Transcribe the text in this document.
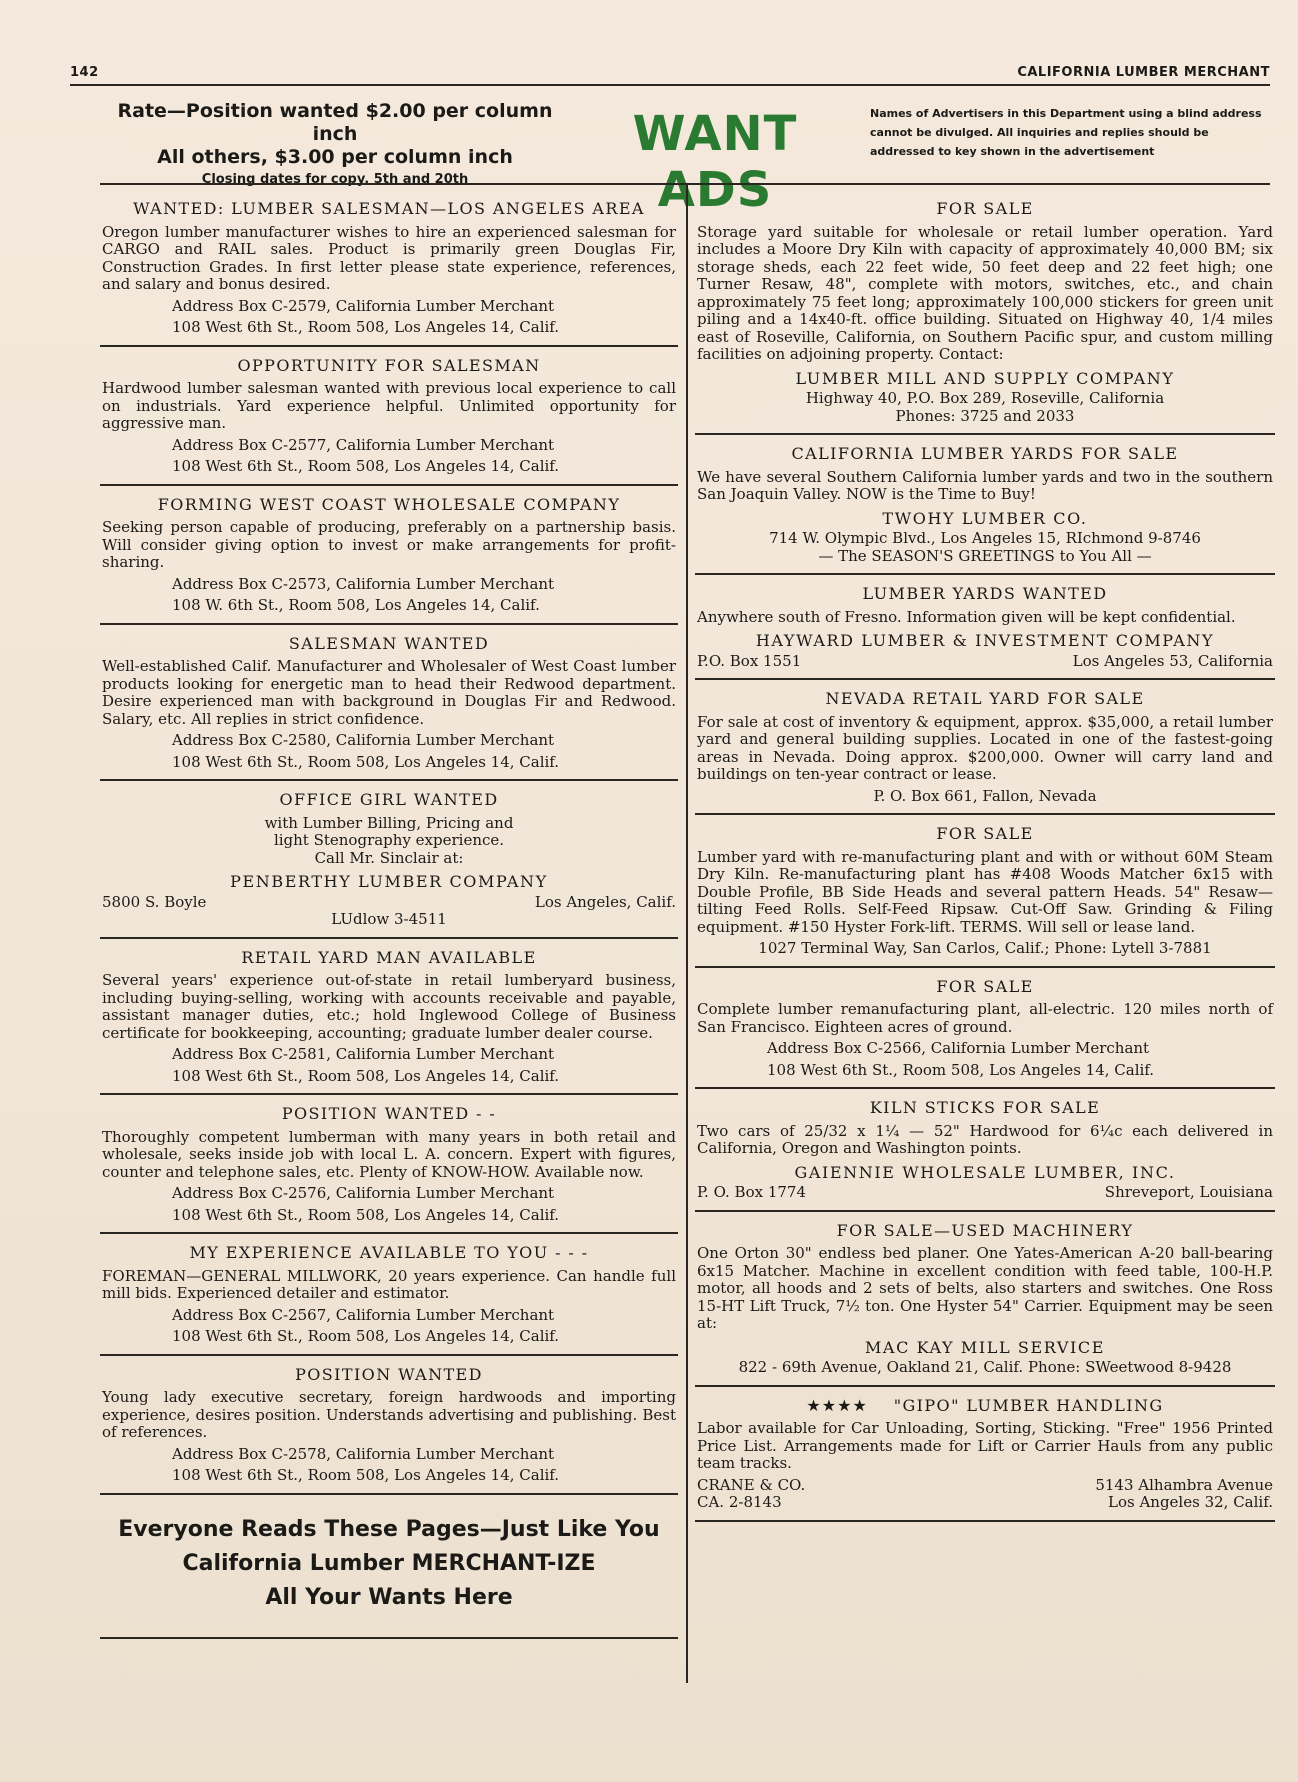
142	CALIFORNIA LUMBER MERCHANT
Rate—Position wanted $2.00 per column inch
All others, $3.00 per column inch
Closing dates for copy, 5th and 20th
WANT ADS
Names of Advertisers in this Department using a blind address cannot be divulged. All inquiries and replies should be addressed to key shown in the advertisement
WANTED: LUMBER SALESMAN—LOS ANGELES AREA

Oregon lumber manufacturer wishes to hire an experienced salesman for CARGO and RAIL sales. Product is primarily green Douglas Fir, Construction Grades. In first letter please state experience, references, and salary and bonus desired.

Address Box C-2579, California Lumber Merchant
108 West 6th St., Room 508, Los Angeles 14, Calif.
OPPORTUNITY FOR SALESMAN

Hardwood lumber salesman wanted with previous local experience to call on industrials. Yard experience helpful. Unlimited opportunity for aggressive man.

Address Box C-2577, California Lumber Merchant
108 West 6th St., Room 508, Los Angeles 14, Calif.
FORMING WEST COAST WHOLESALE COMPANY

Seeking person capable of producing, preferably on a partnership basis. Will consider giving option to invest or make arrangements for profit-sharing.

Address Box C-2573, California Lumber Merchant
108 W. 6th St., Room 508, Los Angeles 14, Calif.
SALESMAN WANTED

Well-established Calif. Manufacturer and Wholesaler of West Coast lumber products looking for energetic man to head their Redwood department. Desire experienced man with background in Douglas Fir and Redwood. Salary, etc. All replies in strict confidence.

Address Box C-2580, California Lumber Merchant
108 West 6th St., Room 508, Los Angeles 14, Calif.
OFFICE GIRL WANTED
with Lumber Billing, Pricing and
light Stenography experience.
Call Mr. Sinclair at:
PENBERTHY LUMBER COMPANY
5800 S. Boyle	Los Angeles, Calif.
LUdlow 3-4511
RETAIL YARD MAN AVAILABLE

Several years' experience out-of-state in retail lumberyard business, including buying-selling, working with accounts receivable and payable, assistant manager duties, etc.; hold Inglewood College of Business certificate for bookkeeping, accounting; graduate lumber dealer course.

Address Box C-2581, California Lumber Merchant
108 West 6th St., Room 508, Los Angeles 14, Calif.
POSITION WANTED - -

Thoroughly competent lumberman with many years in both retail and wholesale, seeks inside job with local L. A. concern. Expert with figures, counter and telephone sales, etc. Plenty of KNOW-HOW. Available now.

Address Box C-2576, California Lumber Merchant
108 West 6th St., Room 508, Los Angeles 14, Calif.
MY EXPERIENCE AVAILABLE TO YOU - - -

FOREMAN—GENERAL MILLWORK, 20 years experience. Can handle full mill bids. Experienced detailer and estimator.

Address Box C-2567, California Lumber Merchant
108 West 6th St., Room 508, Los Angeles 14, Calif.
POSITION WANTED

Young lady executive secretary, foreign hardwoods and importing experience, desires position. Understands advertising and publishing. Best of references.

Address Box C-2578, California Lumber Merchant
108 West 6th St., Room 508, Los Angeles 14, Calif.
Everyone Reads These Pages—Just Like You
California Lumber MERCHANT-IZE
All Your Wants Here
FOR SALE

Storage yard suitable for wholesale or retail lumber operation. Yard includes a Moore Dry Kiln with capacity of approximately 40,000 BM; six storage sheds, each 22 feet wide, 50 feet deep and 22 feet high; one Turner Resaw, 48", complete with motors, switches, etc., and chain approximately 75 feet long; approximately 100,000 stickers for green unit piling and a 14x40-ft. office building. Situated on Highway 40, 1/4 miles east of Roseville, California, on Southern Pacific spur, and custom milling facilities on adjoining property. Contact:

LUMBER MILL AND SUPPLY COMPANY
Highway 40, P.O. Box 289, Roseville, California
Phones: 3725 and 2033
CALIFORNIA LUMBER YARDS FOR SALE

We have several Southern California lumber yards and two in the southern San Joaquin Valley. NOW is the Time to Buy!

TWOHY LUMBER CO.
714 W. Olympic Blvd., Los Angeles 15, RIchmond 9-8746
— The SEASON'S GREETINGS to You All —
LUMBER YARDS WANTED

Anywhere south of Fresno. Information given will be kept confidential.

HAYWARD LUMBER & INVESTMENT COMPANY
P.O. Box 1551	Los Angeles 53, California
NEVADA RETAIL YARD FOR SALE

For sale at cost of inventory & equipment, approx. $35,000, a retail lumber yard and general building supplies. Located in one of the fastest-going areas in Nevada. Doing approx. $200,000. Owner will carry land and buildings on ten-year contract or lease.

P. O. Box 661, Fallon, Nevada
FOR SALE

Lumber yard with re-manufacturing plant and with or without 60M Steam Dry Kiln. Re-manufacturing plant has #408 Woods Matcher 6x15 with Double Profile, BB Side Heads and several pattern Heads. 54" Resaw—tilting Feed Rolls. Self-Feed Ripsaw. Cut-Off Saw. Grinding & Filing equipment. #150 Hyster Fork-lift. TERMS. Will sell or lease land.

1027 Terminal Way, San Carlos, Calif.; Phone: Lytell 3-7881
FOR SALE

Complete lumber remanufacturing plant, all-electric. 120 miles north of San Francisco. Eighteen acres of ground.

Address Box C-2566, California Lumber Merchant
108 West 6th St., Room 508, Los Angeles 14, Calif.
KILN STICKS FOR SALE

Two cars of 25/32 x 1¼ — 52" Hardwood for 6¼c each delivered in California, Oregon and Washington points.

GAIENNIE WHOLESALE LUMBER, INC.
P. O. Box 1774	Shreveport, Louisiana
FOR SALE—USED MACHINERY

One Orton 30" endless bed planer. One Yates-American A-20 ball-bearing 6x15 Matcher. Machine in excellent condition with feed table, 100-H.P. motor, all hoods and 2 sets of belts, also starters and switches. One Ross 15-HT Lift Truck, 7½ ton. One Hyster 54" Carrier. Equipment may be seen at:

MAC KAY MILL SERVICE
822 - 69th Avenue, Oakland 21, Calif. Phone: SWeetwood 8-9428
★★★★ "GIPO" LUMBER HANDLING

Labor available for Car Unloading, Sorting, Sticking. "Free" 1956 Printed Price List. Arrangements made for Lift or Carrier Hauls from any public team tracks.

CRANE & CO.	5143 Alhambra Avenue
CA. 2-8143	Los Angeles 32, Calif.
